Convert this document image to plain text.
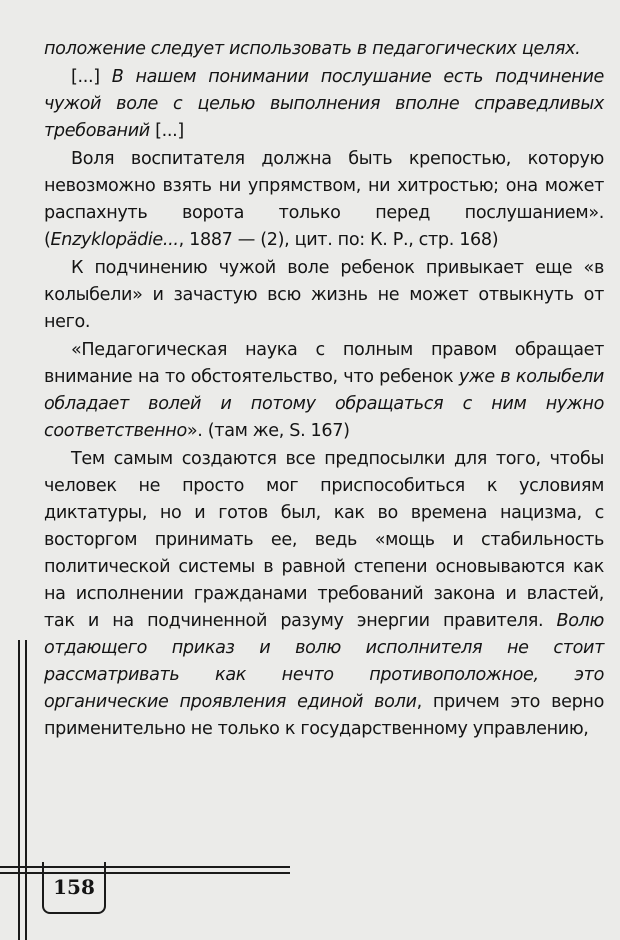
положение следует использовать в педагогических целях.

[...] В нашем понимании послушание есть подчинение чужой воле с целью выполнения вполне справедливых требований [...]

Воля воспитателя должна быть крепостью, которую невозможно взять ни упрямством, ни хитростью; она может распахнуть ворота только перед послушанием». (Enzyklopädie..., 1887 — (2), цит. по: К. Р., стр. 168)

К подчинению чужой воле ребенок привыкает еще «в колыбели» и зачастую всю жизнь не может отвыкнуть от него.

«Педагогическая наука с полным правом обращает внимание на то обстоятельство, что ребенок уже в колыбели обладает волей и потому обращаться с ним нужно соответственно». (там же, S. 167)

Тем самым создаются все предпосылки для того, чтобы человек не просто мог приспособиться к условиям диктатуры, но и готов был, как во времена нацизма, с восторгом принимать ее, ведь «мощь и стабильность политической системы в равной степени основываются как на исполнении гражданами требований закона и властей, так и на подчиненной разуму энергии правителя. Волю отдающего приказ и волю исполнителя не стоит рассматривать как нечто противоположное, это органические проявления единой воли, причем это верно применительно не только к государственному управлению,

158
